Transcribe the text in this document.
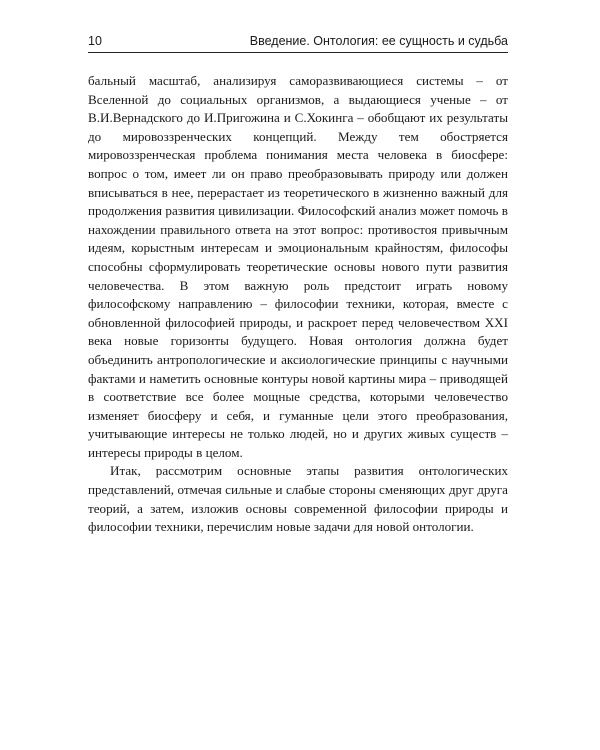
10	Введение. Онтология: ее сущность и судьба

бальный масштаб, анализируя саморазвивающиеся системы – от Вселенной до социальных организмов, а выдающиеся ученые – от В.И.Вернадского до И.Пригожина и С.Хокинга – обобщают их результаты до мировоззренческих концепций. Между тем обостряется мировоззренческая проблема понимания места человека в биосфере: вопрос о том, имеет ли он право преобразовывать природу или должен вписываться в нее, перерастает из теоретического в жизненно важный для продолжения развития цивилизации. Философский анализ может помочь в нахождении правильного ответа на этот вопрос: противостоя привычным идеям, корыстным интересам и эмоциональным крайностям, философы способны сформулировать теоретические основы нового пути развития человечества. В этом важную роль предстоит играть новому философскому направлению – философии техники, которая, вместе с обновленной философией природы, и раскроет перед человечеством XXI века новые горизонты будущего. Новая онтология должна будет объединить антропологические и аксиологические принципы с научными фактами и наметить основные контуры новой картины мира – приводящей в соответствие все более мощные средства, которыми человечество изменяет биосферу и себя, и гуманные цели этого преобразования, учитывающие интересы не только людей, но и других живых существ – интересы природы в целом.

Итак, рассмотрим основные этапы развития онтологических представлений, отмечая сильные и слабые стороны сменяющих друг друга теорий, а затем, изложив основы современной философии природы и философии техники, перечислим новые задачи для новой онтологии.
